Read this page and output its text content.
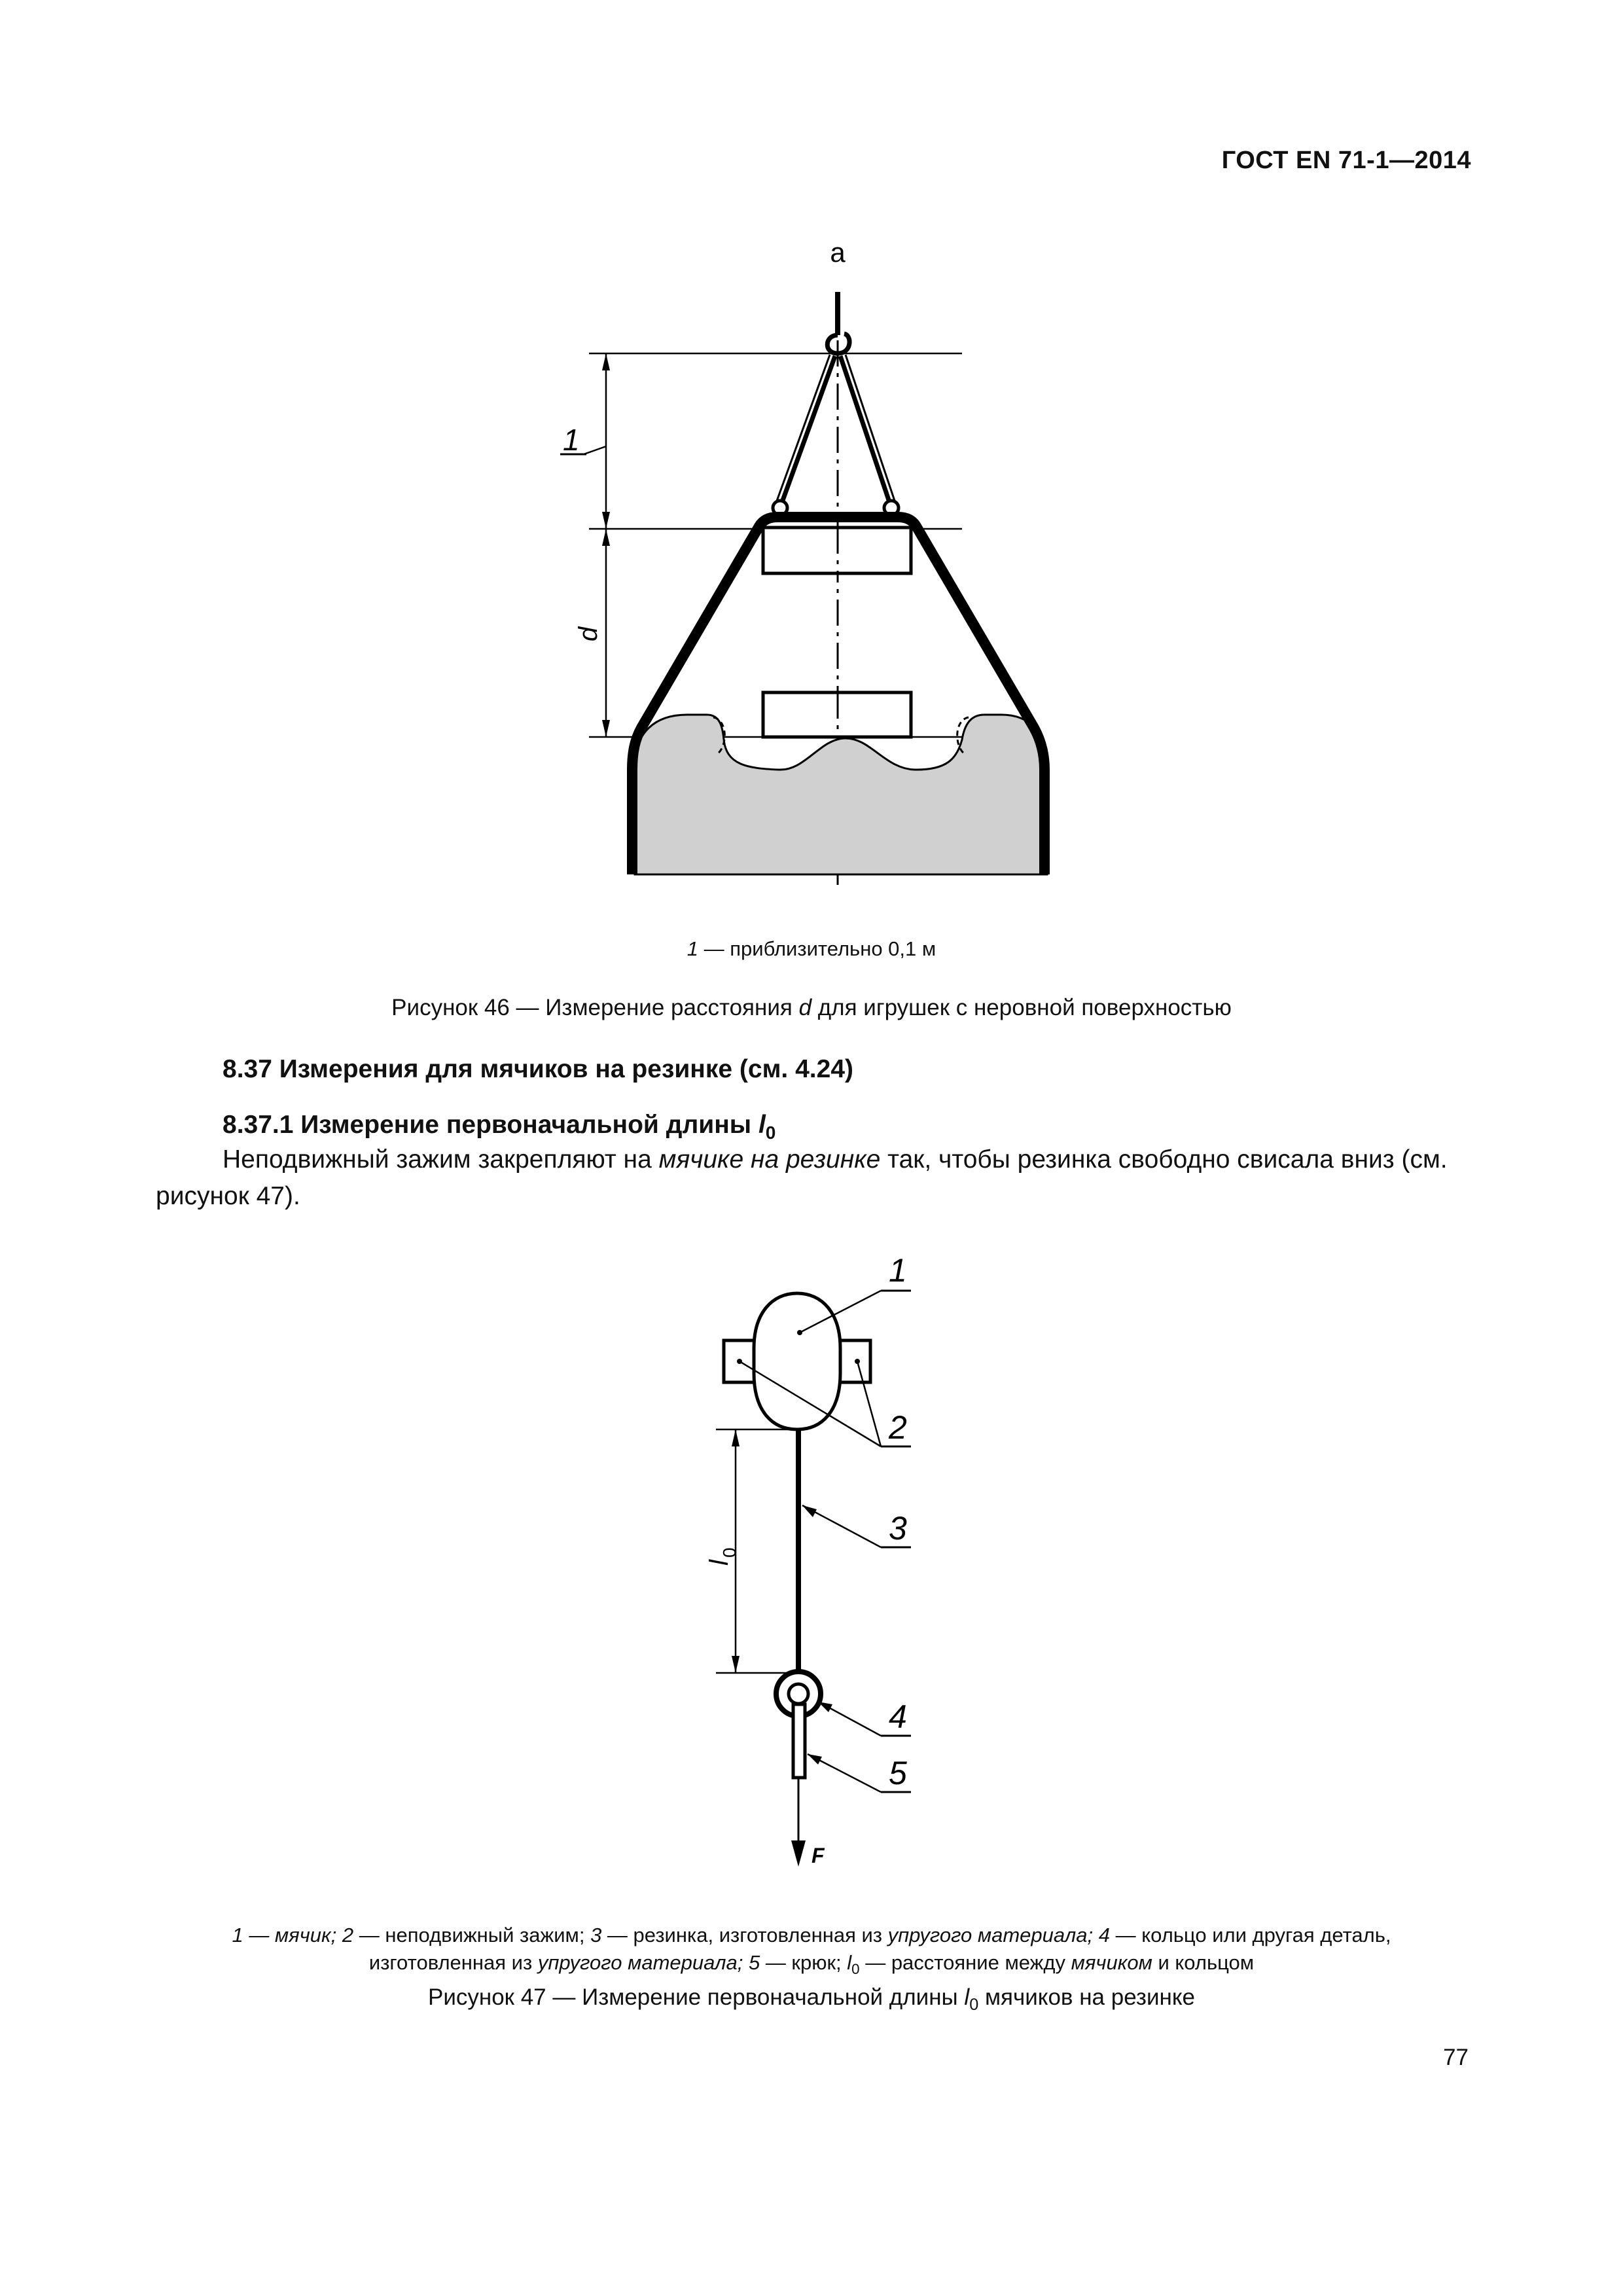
ГОСТ EN 71-1—2014
1
d
a
1 — приблизительно 0,1 м
Рисунок 46 — Измерение расстояния d для игрушек с неровной поверхностью
8.37 Измерения для мячиков на резинке (см. 4.24)
8.37.1 Измерение первоначальной длины $l_0$
Неподвижный зажим закрепляют на мячике на резинке так, чтобы резинка свободно свисала вниз (см. рисунок 47).
F
l
0
1
2
3
4
5
1 — мячик; 2 — неподвижный зажим; 3 — резинка, изготовленная из упругого материала; 4 — кольцо или другая деталь,
изготовленная из упругого материала; 5 — крюк; $l_0$ — расстояние между мячиком и кольцом
Рисунок 47 — Измерение первоначальной длины $l_0$ мячиков на резинке
77
